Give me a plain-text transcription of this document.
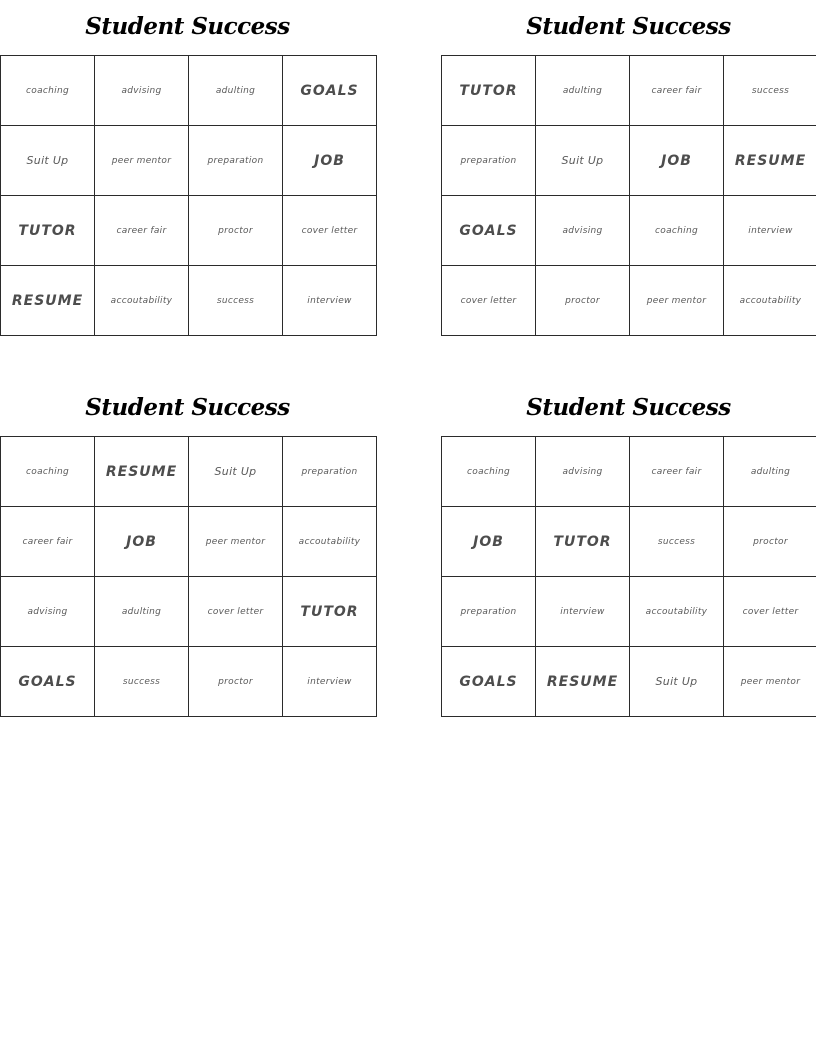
Student Success
coaching	advising	adulting	GOALS
Suit Up	peer mentor	preparation	JOB
TUTOR	career fair	proctor	cover letter
RESUME	accoutability	success	interview
Student Success
TUTOR	adulting	career fair	success
preparation	Suit Up	JOB	RESUME
GOALS	advising	coaching	interview
cover letter	proctor	peer mentor	accoutability
Student Success
coaching	RESUME	Suit Up	preparation
career fair	JOB	peer mentor	accoutability
advising	adulting	cover letter	TUTOR
GOALS	success	proctor	interview
Student Success
coaching	advising	career fair	adulting
JOB	TUTOR	success	proctor
preparation	interview	accoutability	cover letter
GOALS	RESUME	Suit Up	peer mentor
